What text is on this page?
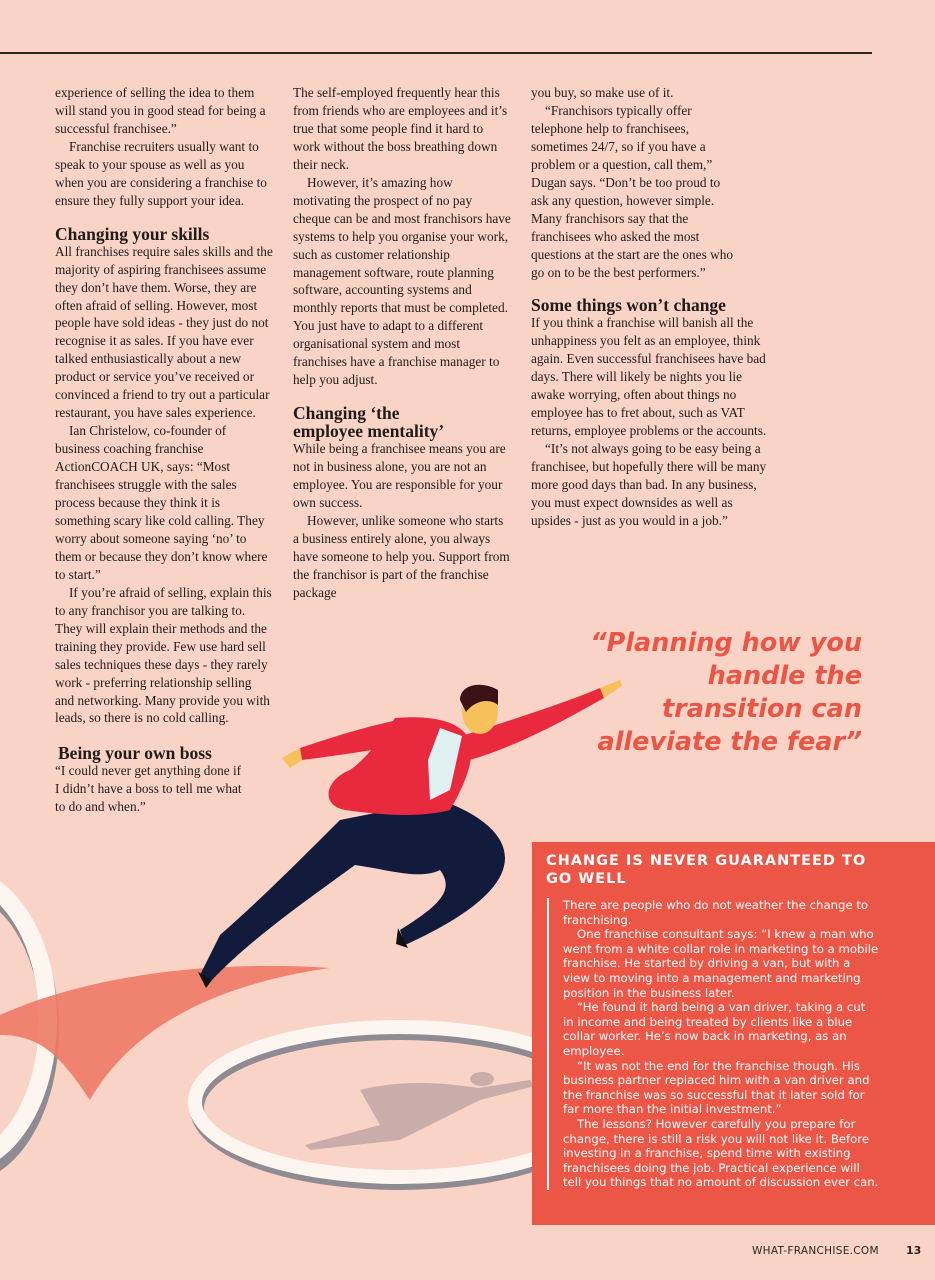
experience of selling the idea to them will stand you in good stead for being a successful franchisee.”

Franchise recruiters usually want to speak to your spouse as well as you when you are considering a franchise to ensure they fully support your idea.

Changing your skills

All franchises require sales skills and the majority of aspiring franchisees assume they don’t have them. Worse, they are often afraid of selling. However, most people have sold ideas - they just do not recognise it as sales. If you have ever talked enthusiastically about a new product or service you’ve received or convinced a friend to try out a particular restaurant, you have sales experience.

Ian Christelow, co-founder of business coaching franchise ActionCOACH UK, says: “Most franchisees struggle with the sales process because they think it is something scary like cold calling. They worry about someone saying ‘no’ to them or because they don’t know where to start.”

If you’re afraid of selling, explain this to any franchisor you are talking to. They will explain their methods and the training they provide. Few use hard sell sales techniques these days - they rarely work - preferring relationship selling and networking. Many provide you with leads, so there is no cold calling.

Being your own boss

“I could never get anything done if I didn’t have a boss to tell me what to do and when.”

The self-employed frequently hear this from friends who are employees and it’s true that some people find it hard to work without the boss breathing down their neck.

However, it’s amazing how motivating the prospect of no pay cheque can be and most franchisors have systems to help you organise your work, such as customer relationship management software, route planning software, accounting systems and monthly reports that must be completed. You just have to adapt to a different organisational system and most franchises have a franchise manager to help you adjust.

Changing ‘the employee mentality’

While being a franchisee means you are not in business alone, you are not an employee. You are responsible for your own success.

However, unlike someone who starts a business entirely alone, you always have someone to help you. Support from the franchisor is part of the franchise package

you buy, so make use of it.

“Franchisors typically offer telephone help to franchisees, sometimes 24/7, so if you have a problem or a question, call them,” Dugan says. “Don’t be too proud to ask any question, however simple. Many franchisors say that the franchisees who asked the most questions at the start are the ones who go on to be the best performers.”

Some things won’t change

If you think a franchise will banish all the unhappiness you felt as an employee, think again. Even successful franchisees have bad days. There will likely be nights you lie awake worrying, often about things no employee has to fret about, such as VAT returns, employee problems or the accounts.

“It’s not always going to be easy being a franchisee, but hopefully there will be many more good days than bad. In any business, you must expect downsides as well as upsides - just as you would in a job.”

“Planning how you handle the transition can alleviate the fear”
CHANGE IS NEVER GUARANTEED TO GO WELL

There are people who do not weather the change to franchising.

One franchise consultant says: “I knew a man who went from a white collar role in marketing to a mobile franchise. He started by driving a van, but with a view to moving into a management and marketing position in the business later.

“He found it hard being a van driver, taking a cut in income and being treated by clients like a blue collar worker. He’s now back in marketing, as an employee.

“It was not the end for the franchise though. His business partner replaced him with a van driver and the franchise was so successful that it later sold for far more than the initial investment.”

The lessons? However carefully you prepare for change, there is still a risk you will not like it. Before investing in a franchise, spend time with existing franchisees doing the job. Practical experience will tell you things that no amount of discussion ever can.

WHAT-FRANCHISE.COM 13
